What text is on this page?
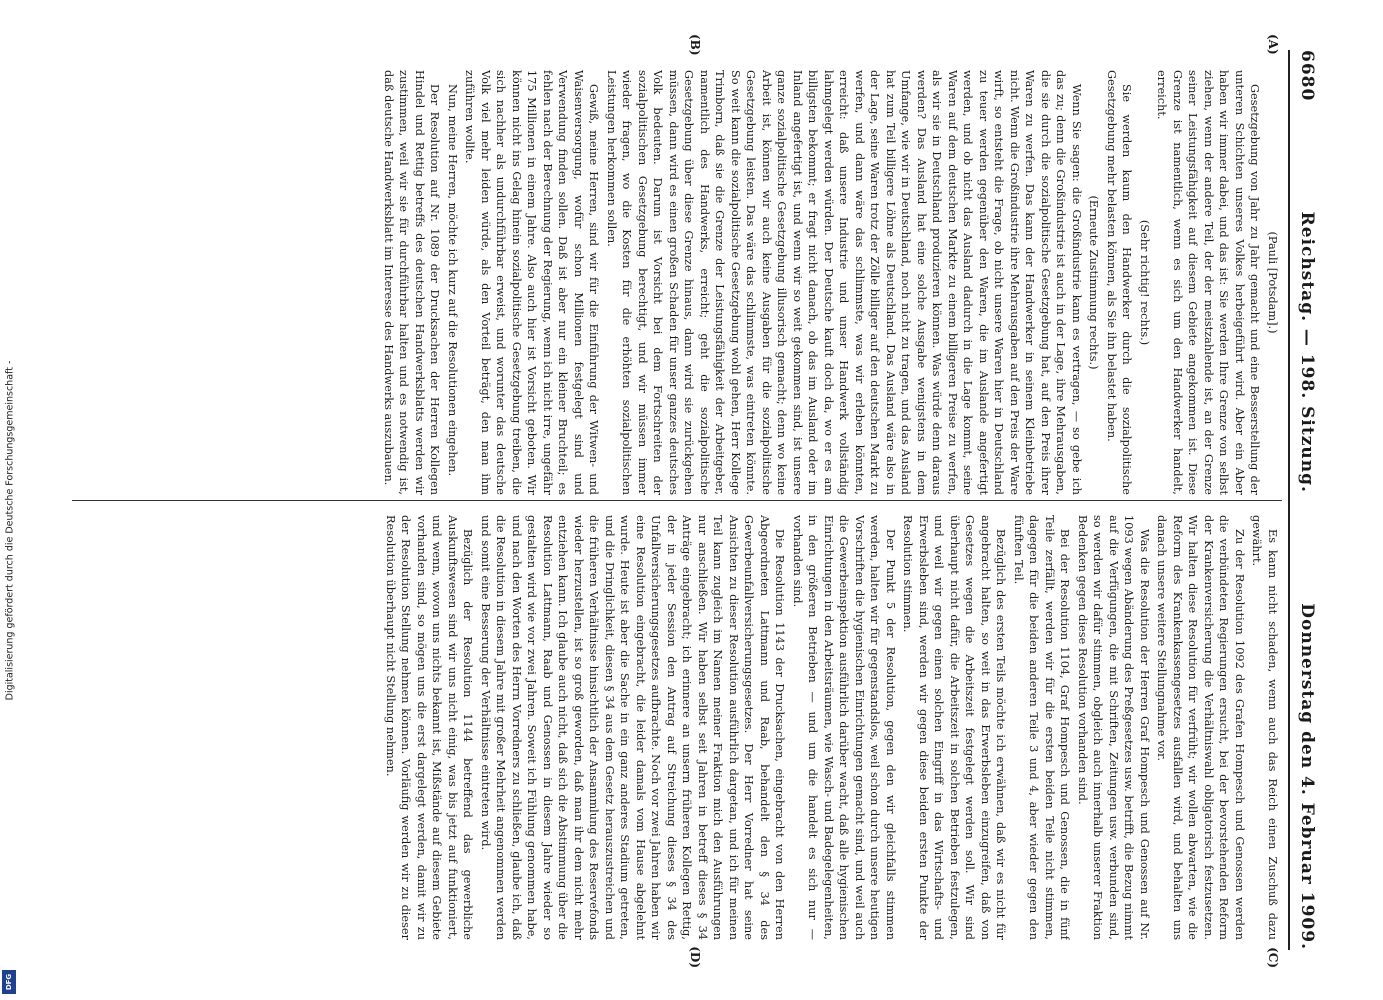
6680
Reichstag. — 198. Sitzung.
Donnerstag den 4. Februar 1909.
(A)
(B)
(C)
(D)

(Pauli [Potsdam].)

Gesetzgebung von Jahr zu Jahr gemacht und eine Besserstellung der unteren Schichten unseres Volkes herbeigeführt wird. Aber ein Aber haben wir immer dabei, und das ist: Sie werden Ihre Grenze von selbst ziehen, wenn der andere Teil, der der meistzahlende ist, an der Grenze seiner Leistungsfähigkeit auf diesem Gebiete angekommen ist. Diese Grenze ist namentlich, wenn es sich um den Handwerker handelt, erreicht.

(Sehr richtig! rechts.)

Sie werden kaum den Handwerker durch die sozialpolitische Gesetzgebung mehr belasten können, als Sie ihn belastet haben.

(Erneute Zustimmung rechts.)

Wenn Sie sagen: die Großindustrie kann es vertragen, — so gebe ich das zu; denn die Großindustrie ist auch in der Lage, ihre Mehrausgaben, die sie durch die sozialpolitische Gesetzgebung hat, auf den Preis ihrer Waren zu werfen. Das kann der Handwerker in seinem Kleinbetriebe nicht. Wenn die Großindustrie ihre Mehrausgaben auf den Preis der Ware wirft, so entsteht die Frage, ob nicht unsere Waren hier in Deutschland zu teuer werden gegenüber den Waren, die im Auslande angefertigt werden, und ob nicht das Ausland dadurch in die Lage kommt, seine Waren auf dem deutschen Markte zu einem billigeren Preise zu werfen, als wir sie in Deutschland produzieren können. Was würde denn daraus werden? Das Ausland hat eine solche Ausgabe wenigstens in dem Umfange, wie wir in Deutschland, noch nicht zu tragen, und das Ausland hat zum Teil billigere Löhne als Deutschland. Das Ausland wäre also in der Lage, seine Waren trotz der Zölle billiger auf den deutschen Markt zu werfen, und dann wäre das schlimmste, was wir erleben könnten, erreicht: daß unsere Industrie und unser Handwerk vollständig lahmgelegt werden würden. Der Deutsche kauft doch da, wo er es am billigsten bekommt; er fragt nicht danach, ob das im Ausland oder im Inland angefertigt ist, und wenn wir so weit gekommen sind, ist unsere ganze sozialpolitische Gesetzgebung illusorisch gemacht; denn wo keine Arbeit ist, können wir auch keine Ausgaben für die sozialpolitische Gesetzgebung leisten. Das wäre das schlimmste, was eintreten könnte. So weit kann die sozialpolitische Gesetzgebung wohl gehen, Herr Kollege Trimborn, daß sie die Grenze der Leistungsfähigkeit der Arbeitgeber, namentlich des Handwerks, erreicht; geht die sozialpolitische Gesetzgebung über diese Grenze hinaus, dann wird sie zurückgehen müssen, dann wird es einen großen Schaden für unser ganzes deutsches Volk bedeuten. Darum ist Vorsicht bei dem Fortschreiten der sozialpolitischen Gesetzgebung berechtigt, und wir müssen immer wieder fragen, wo die Kosten für die erhöhten sozialpolitischen Leistungen herkommen sollen.

Gewiß, meine Herren, sind wir für die Einführung der Witwen- und Waisenversorgung, wofür schon Millionen festgelegt sind und Verwendung finden sollen. Daß ist aber nur ein kleiner Bruchteil; es fehlen nach der Berechnung der Regierung, wenn ich nicht irre, ungefähr 175 Millionen in einem Jahre. Also auch hier ist Vorsicht geboten. Wir können nicht ins Gelag hinein sozialpolitische Gesetzgebung treiben, die sich nachher als undurchführbar erweist, und worunter das deutsche Volk viel mehr leiden würde, als den Vorteil beträgt, den man ihm zuführen wollte.

Nun, meine Herren, möchte ich kurz auf die Resolutionen eingehen.

Der Resolution auf Nr. 1089 der Drucksachen der Herren Kollegen Hindel und Rettig betreffs des deutschen Handwerksblatts werden wir zustimmen, weil wir sie für durchführbar halten und es notwendig ist, daß deutsche Handwerksblatt im Interesse des Handwerks auszubauen.

Es kann nicht schaden, wenn auch das Reich einen Zuschuß dazu gewährt.

Zu der Resolution 1092 des Grafen Hompesch und Genossen werden die verbündeten Regierungen ersucht, bei der bevorstehenden Reform der Krankenversicherung die Verhältniswahl obligatorisch festzusetzen. Wir halten diese Resolution für verfrüht; wir wollen abwarten, wie die Reform des Krankenkassengesetzes ausfallen wird, und behalten uns danach unsere weitere Stellungnahme vor.

Was die Resolution der Herren Graf Hompesch und Genossen auf Nr. 1093 wegen Abänderung des Preßgesetzes usw. betrifft, die Bezug nimmt auf die Verfügungen, die mit Schriften, Zeitungen usw. verbunden sind, so werden wir dafür stimmen, obgleich auch innerhalb unserer Fraktion Bedenken gegen diese Resolution vorhanden sind.

Bei der Resolution 1104, Graf Hompesch und Genossen, die in fünf Teile zerfällt, werden wir für die ersten beiden Teile nicht stimmen, dagegen für die beiden anderen Teile 3 und 4, aber wieder gegen den fünften Teil.

Bezüglich des ersten Teils möchte ich erwähnen, daß wir es nicht für angebracht halten, so weit in das Erwerbsleben einzugreifen, daß von Gesetzes wegen die Arbeitszeit festgelegt werden soll. Wir sind überhaupt nicht dafür, die Arbeitszeit in solchen Betrieben festzulegen, und weil wir gegen einen solchen Eingriff in das Wirtschafts- und Erwerbsleben sind, werden wir gegen diese beiden ersten Punkte der Resolution stimmen.

Der Punkt 5 der Resolution, gegen den wir gleichfalls stimmen werden, halten wir für gegenstandslos, weil schon durch unsere heutigen Vorschriften die hygienischen Einrichtungen gemacht sind, und weil auch die Gewerbeinspektion ausführlich darüber wacht, daß alle hygienischen Einrichtungen in den Arbeitsräumen, wie Wasch- und Badegelegenheiten, in den größeren Betrieben — und um die handelt es sich nur — vorhanden sind.

Die Resolution 1143 der Drucksachen, eingebracht von den Herren Abgeordneten Lattmann und Raab, behandelt den § 34 des Gewerbeunfallversicherungsgesetzes. Der Herr Vorredner hat seine Ansichten zu dieser Resolution ausführlich dargetan, und ich für meinen Teil kann zugleich im Namen meiner Fraktion mich den Ausführungen nur anschließen. Wir haben selbst seit Jahren in betreff dieses § 34 Anträge eingebracht; ich erinnere an unsern früheren Kollegen Rettig, der in jeder Session den Antrag auf Streichung dieses § 34 des Unfallversicherungsgesetzes aufbrachte. Noch vor zwei Jahren haben wir eine Resolution eingebracht, die leider damals vom Hause abgelehnt wurde. Heute ist aber die Sache in ein ganz anderes Stadium getreten, und die Dringlichkeit, diesen § 34 aus dem Gesetz herauszustreichen und die früheren Verhältnisse hinsichtlich der Ansammlung des Reservefonds wieder herzustellen, ist so groß geworden, daß man ihr dem nicht mehr entziehen kann. Ich glaube auch nicht, daß sich die Abstimmung über die Resolution Lattmann, Raab und Genossen in diesem Jahre wieder so gestalten wird wie vor zwei Jahren. Soweit ich Fühlung genommen habe, und nach den Worten des Herrn Vorredners zu schließen, glaube ich, daß die Resolution in diesem Jahre mit großer Mehrheit angenommen werden und somit eine Besserung der Verhältnisse eintreten wird.

Bezüglich der Resolution 1144 betreffend das gewerbliche Auskunftswesen sind wir uns nicht einig, was bis jetzt auf funktioniert, und wenn, wovon uns nichts bekannt ist, Mißstände auf diesem Gebiete vorhanden sind, so mögen uns die erst dargelegt werden, damit wir zu der Resolution Stellung nehmen können. Vorläufig werden wir zu dieser Resolution überhaupt nicht Stellung nehmen.

Digitalisierung gefördert durch die Deutsche Forschungsgemeinschaft -
DFG
